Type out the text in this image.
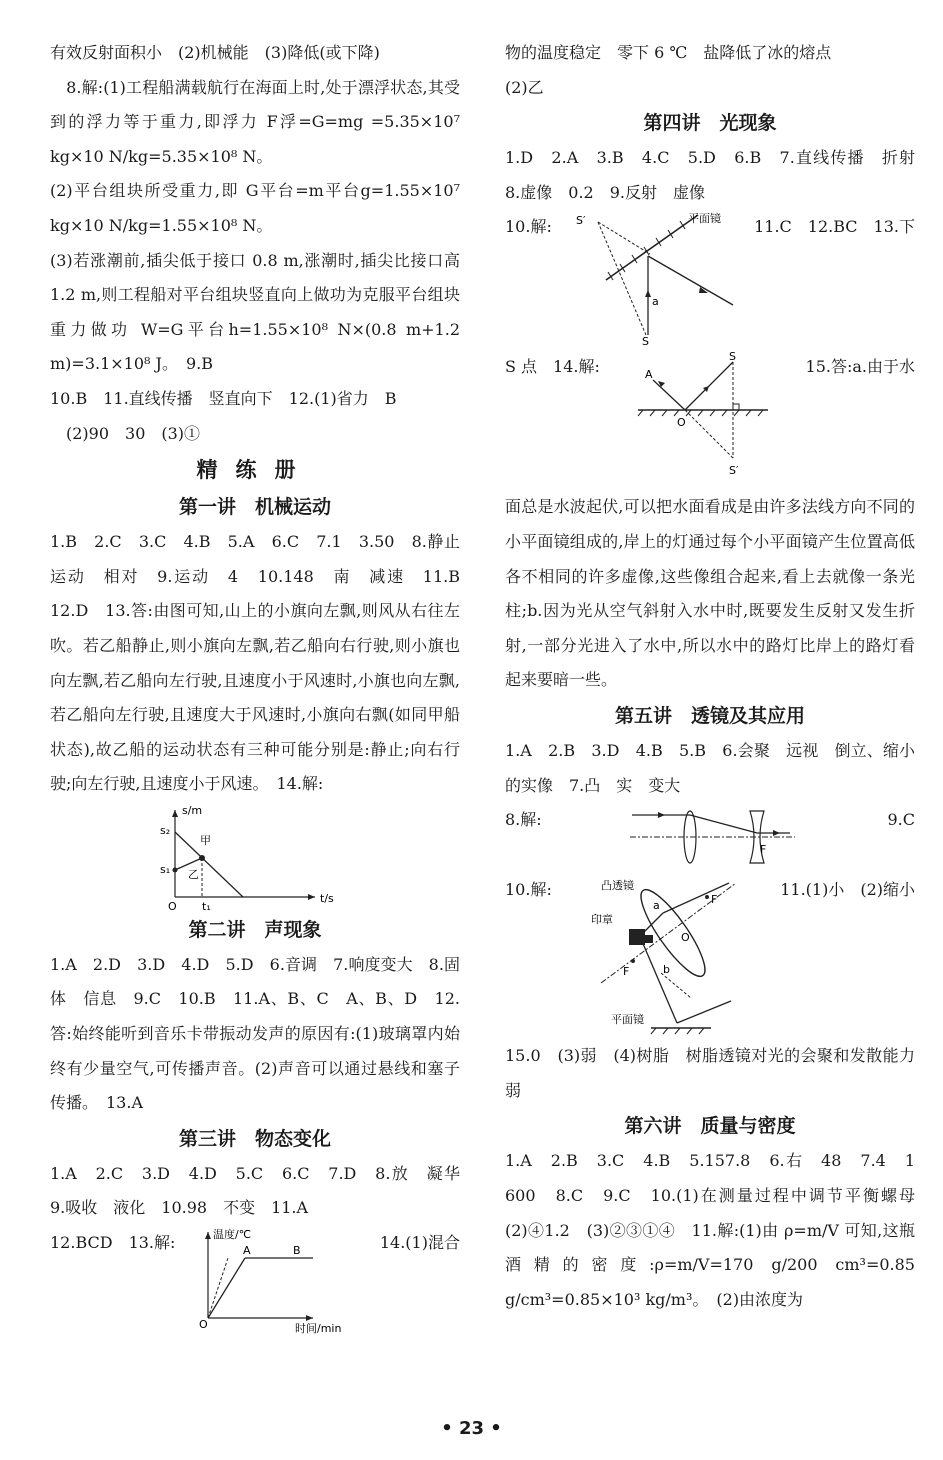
有效反射面积小　(2)机械能　(3)降低(或下降)

　8.解:(1)工程船满载航行在海面上时,处于漂浮状态,其受到的浮力等于重力,即浮力 F浮=G=mg =5.35×10⁷ kg×10 N/kg=5.35×10⁸ N。

(2)平台组块所受重力,即 G平台=m平台g=1.55×10⁷ kg×10 N/kg=1.55×10⁸ N。

(3)若涨潮前,插尖低于接口 0.8 m,涨潮时,插尖比接口高 1.2 m,则工程船对平台组块竖直向上做功为克服平台组块重力做功 W=G平台h=1.55×10⁸ N×(0.8 m+1.2 m)=3.1×10⁸ J。　9.B

10.B　11.直线传播　竖直向下　12.(1)省力　B

　(2)90　30　(3)①

精练册
第一讲　机械运动

1.B　2.C　3.C　4.B　5.A　6.C　7.1　3.50　8.静止　运动　相对　9.运动　4　10.148　南　减速　11.B　12.D　13.答:由图可知,山上的小旗向左飘,则风从右往左吹。若乙船静止,则小旗向左飘,若乙船向右行驶,则小旗也向左飘,若乙船向左行驶,且速度小于风速时,小旗也向左飘,若乙船向左行驶,且速度大于风速时,小旗向右飘(如同甲船状态),故乙船的运动状态有三种可能分别是:静止;向右行驶;向左行驶,且速度小于风速。　14.解:

s/m
t/s
s₂
s₁
O t₁
甲
乙
第二讲　声现象

1.A　2.D　3.D　4.D　5.D　6.音调　7.响度变大　8.固体　信息　9.C　10.B　11.A、B、C　A、B、D　12.答:始终能听到音乐卡带振动发声的原因有:(1)玻璃罩内始终有少量空气,可传播声音。(2)声音可以通过悬线和塞子传播。　13.A

第三讲　物态变化

1.A　2.C　3.D　4.D　5.C　6.C　7.D　8.放　凝华　9.吸收　液化　10.98　不变　11.A

12.BCD　13.解:	温度/℃
时间/min
O
A	B	14.(1)混合

物的温度稳定　零下 6 ℃　盐降低了冰的熔点

(2)乙

第四讲　光现象

1.D　2.A　3.B　4.C　5.D　6.B　7.直线传播　折射　8.虚像　0.2　9.反射　虚像

10.解: S′	平面镜
a
S

11.C　12.BC　13.下

S 点　14.解:

S
A
O
S′

15.答:a.由于水

面总是水波起伏,可以把水面看成是由许多法线方向不同的小平面镜组成的,岸上的灯通过每个小平面镜产生位置高低各不相同的许多虚像,这些像组合起来,看上去就像一条光柱;b.因为光从空气斜射入水中时,既要发生反射又发生折射,一部分光进入了水中,所以水中的路灯比岸上的路灯看起来要暗一些。

第五讲　透镜及其应用

1.A　2.B　3.D　4.B　5.B　6.会聚　远视　倒立、缩小的实像　7.凸　实　变大

8.解:

F

9.C

10.解:	凸透镜
印章
平面镜
a
b
O
F
F

11.(1)小　(2)缩小

15.0　(3)弱　(4)树脂　树脂透镜对光的会聚和发散能力弱

第六讲　质量与密度

1.A　2.B　3.C　4.B　5.157.8　6.右　48　7.4　1 600　8.C　9.C　10.(1)在测量过程中调节平衡螺母　(2)④1.2　(3)②③①④　11.解:(1)由 ρ=m/V 可知,这瓶酒精的密度:ρ=m/V=170 g/200 cm³=0.85 g/cm³=0.85×10³ kg/m³。　(2)由浓度为

• 23 •
